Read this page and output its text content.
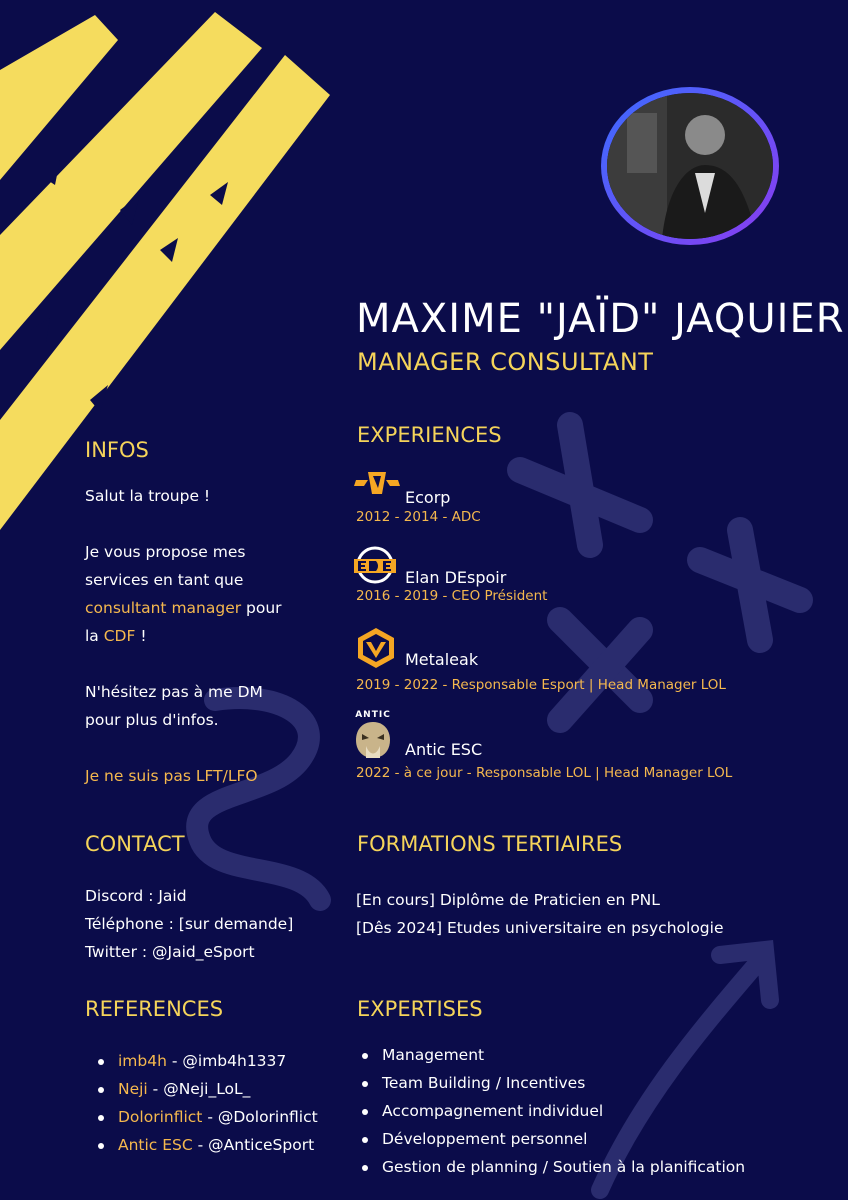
MAXIME "JAÏD" JAQUIER
MANAGER CONSULTANT
INFOS
Salut la troupe !
Je vous propose mes
services en tant que
consultant manager pour
la CDF !
N'hésitez pas à me DM
pour plus d'infos.
Je ne suis pas LFT/LFO
CONTACT
Discord : Jaid
Téléphone : [sur demande]
Twitter : @Jaid_eSport
REFERENCES
imb4h - @imb4h1337
Neji - @Neji_LoL_
Dolorinflict - @Dolorinflict
Antic ESC - @AnticeSport
EXPERIENCES
Ecorp
2012 - 2014 - ADC
Elan DEspoir
2016 - 2019 - CEO Président
Metaleak
2019 - 2022 - Responsable Esport | Head Manager LOL
ANTIC
Antic ESC
2022 - à ce jour - Responsable LOL | Head Manager LOL
FORMATIONS TERTIAIRES
[En cours] Diplôme de Praticien en PNL
[Dês 2024] Etudes universitaire en psychologie
EXPERTISES
Management
Team Building / Incentives
Accompagnement individuel
Développement personnel
Gestion de planning / Soutien à la planification
